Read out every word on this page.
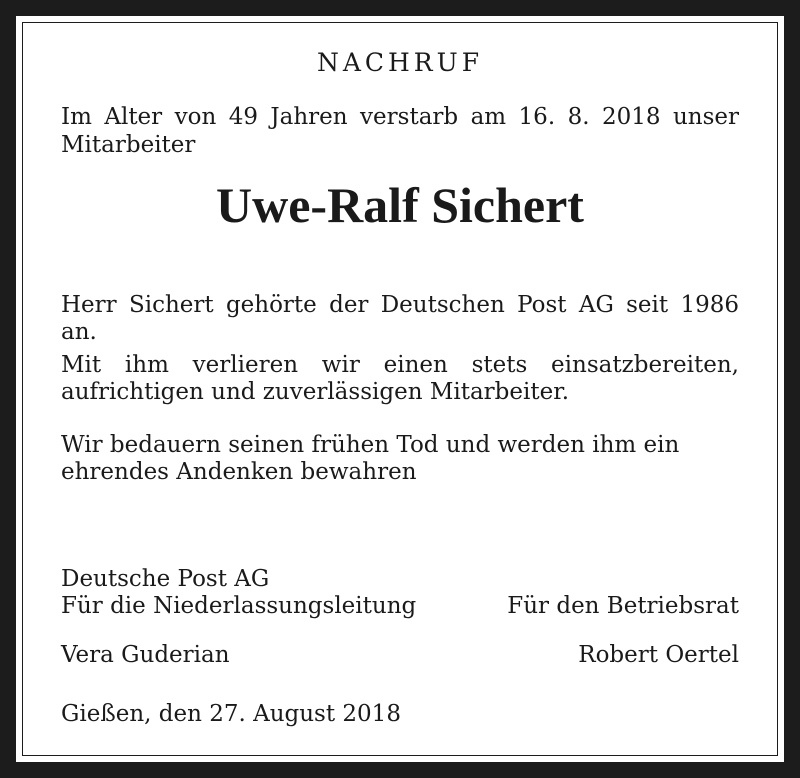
NACHRUF
Im Alter von 49 Jahren verstarb am 16. 8. 2018 unser
Mitarbeiter
Uwe-Ralf Sichert
Herr Sichert gehörte der Deutschen Post AG seit 1986
an.
Mit ihm verlieren wir einen stets einsatzbereiten,
aufrichtigen und zuverlässigen Mitarbeiter.
Wir bedauern seinen frühen Tod und werden ihm ein
ehrendes Andenken bewahren
Deutsche Post AG
Für die Niederlassungsleitung	Für den Betriebsrat
Vera Guderian	Robert Oertel
Gießen, den 27. August 2018
